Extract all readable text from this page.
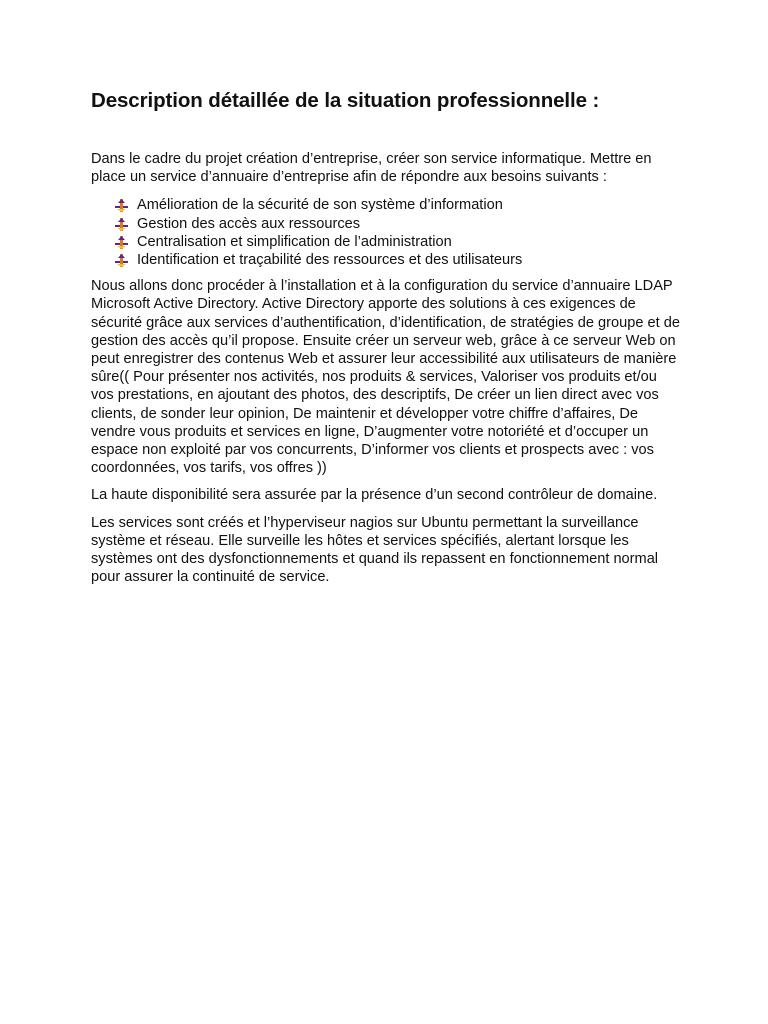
Description détaillée de la situation professionnelle :

Dans le cadre du projet création d’entreprise, créer son service informatique. Mettre en place un service d’annuaire d’entreprise afin de répondre aux besoins suivants :

Amélioration de la sécurité de son système d’information
Gestion des accès aux ressources
Centralisation et simplification de l’administration
Identification et traçabilité des ressources et des utilisateurs

Nous allons donc procéder à l’installation et à la configuration du service d’annuaire LDAP Microsoft Active Directory. Active Directory apporte des solutions à ces exigences de sécurité grâce aux services d’authentification, d’identification, de stratégies de groupe et de gestion des accès qu’il propose. Ensuite créer un serveur web, grâce à ce serveur Web on peut enregistrer des contenus Web et assurer leur accessibilité aux utilisateurs de manière sûre(( Pour présenter nos activités, nos produits & services, Valoriser vos produits et/ou vos prestations, en ajoutant des photos, des descriptifs, De créer un lien direct avec vos clients, de sonder leur opinion, De maintenir et développer votre chiffre d’affaires, De vendre vous produits et services en ligne, D’augmenter votre notoriété et d’occuper un espace non exploité par vos concurrents, D’informer vos clients et prospects avec : vos coordonnées, vos tarifs, vos offres ))

La haute disponibilité sera assurée par la présence d’un second contrôleur de domaine.

Les services sont créés et l’hyperviseur nagios sur Ubuntu permettant la surveillance système et réseau. Elle surveille les hôtes et services spécifiés, alertant lorsque les systèmes ont des dysfonctionnements et quand ils repassent en fonctionnement normal pour assurer la continuité de service.
